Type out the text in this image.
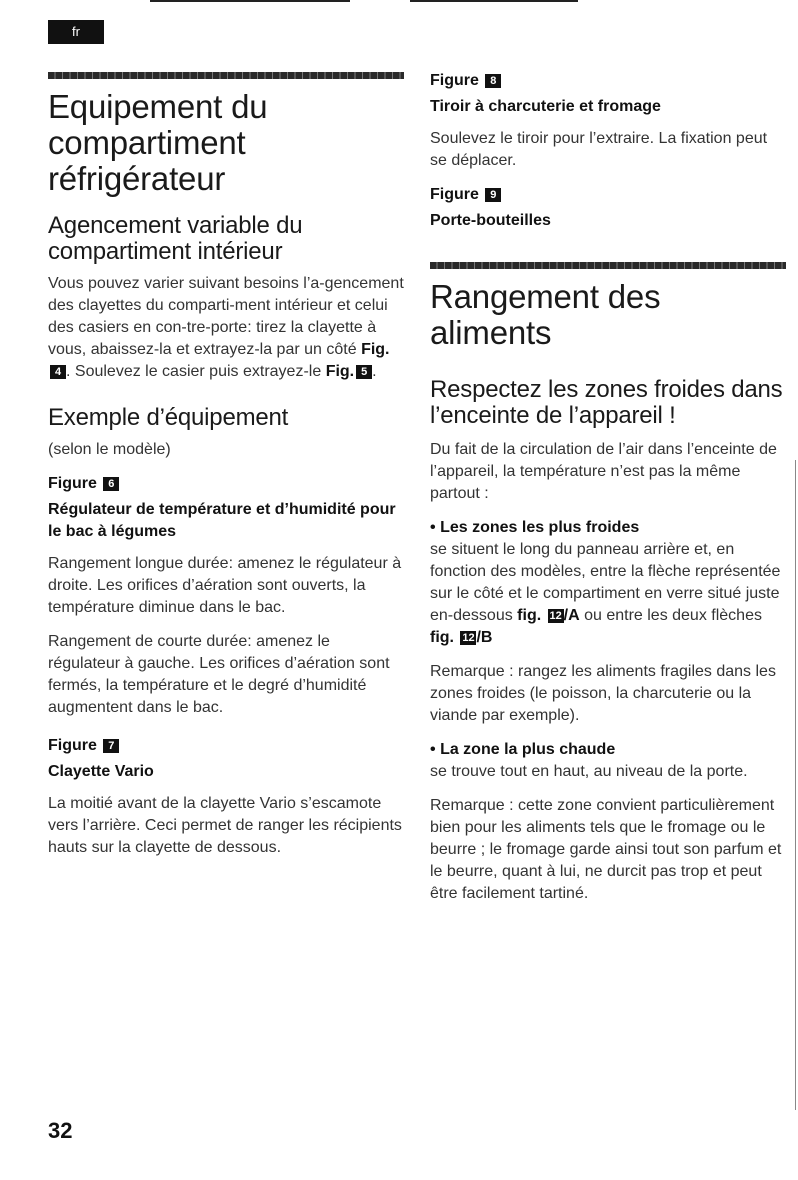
fr
Equipement du compartiment réfrigérateur
Agencement variable du compartiment intérieur

Vous pouvez varier suivant besoins l’a-gencement des clayettes du comparti-ment intérieur et celui des casiers en con-tre-porte: tirez la clayette à vous, abaissez-la et extrayez-la par un côté Fig.4 . Soulevez le casier puis extrayez-le Fig. 5 .

Exemple d’équipement

(selon le modèle)

Figure 6
Régulateur de température et d’humidité pour le bac à légumes

Rangement longue durée: amenez le régulateur à droite. Les orifices d’aération sont ouverts, la température diminue dans le bac.

Rangement de courte durée: amenez le régulateur à gauche. Les orifices d’aération sont fermés, la température et le degré d’humidité augmentent dans le bac.

Figure 7
Clayette Vario

La moitié avant de la clayette Vario s’escamote vers l’arrière. Ceci permet de ranger les récipients hauts sur la clayette de dessous.

Figure 8
Tiroir à charcuterie et fromage

Soulevez le tiroir pour l’extraire. La fixation peut se déplacer.

Figure 9
Porte-bouteilles
Rangement des aliments
Respectez les zones froides dans l’enceinte de l’appareil !

Du fait de la circulation de l’air dans l’enceinte de l’appareil, la température n’est pas la même partout :

• Les zones les plus froides
se situent le long du panneau arrière et, en fonction des modèles, entre la flèche représentée sur le côté et le compartiment en verre situé juste en-dessous fig. 12 /A ou entre les deux flèches fig. 12 /B

Remarque : rangez les aliments fragiles dans les zones froides (le poisson, la charcuterie ou la viande par exemple).

• La zone la plus chaude
se trouve tout en haut, au niveau de la porte.

Remarque : cette zone convient particulièrement bien pour les aliments tels que le fromage ou le beurre ; le fromage garde ainsi tout son parfum et le beurre, quant à lui, ne durcit pas trop et peut être facilement tartiné.

32
